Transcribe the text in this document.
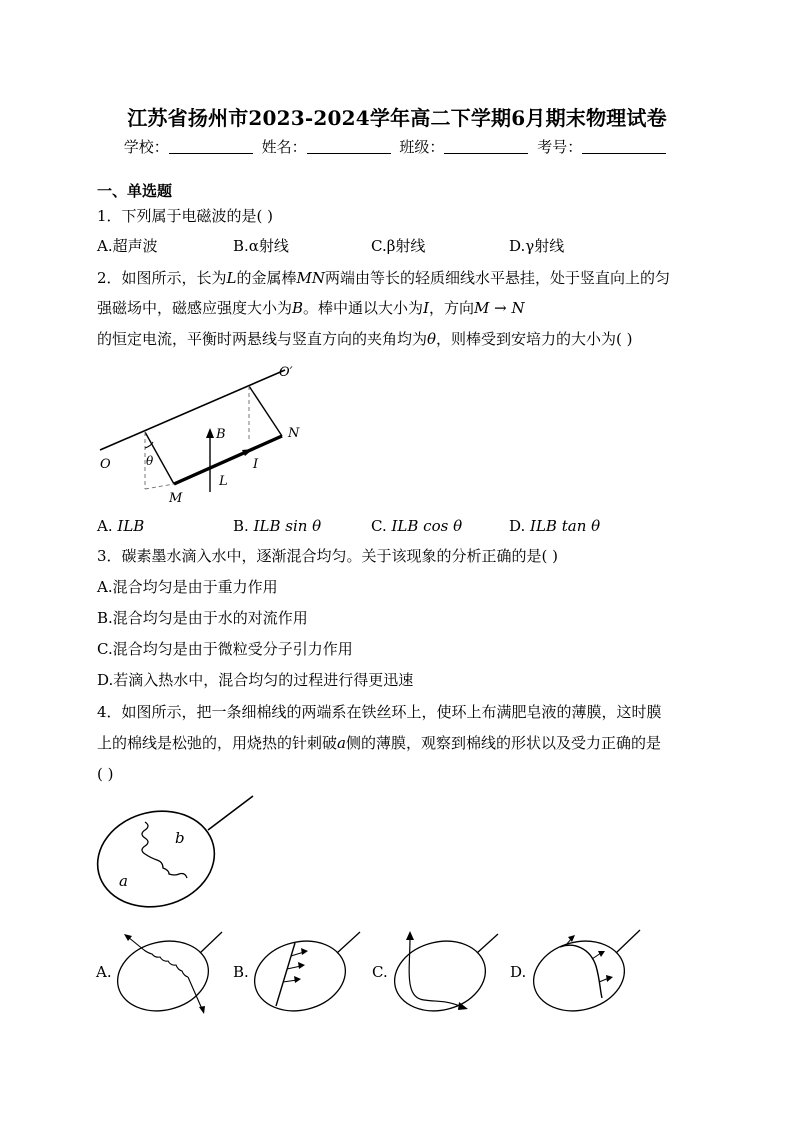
江苏省扬州市2023-2024学年高二下学期6月期末物理试卷
学校：	姓名：	班级：	考号：
一、单选题
1．下列属于电磁波的是( )
A.超声波	B.α射线	C.β射线	D.γ射线
2．如图所示，长为L的金属棒MN两端由等长的轻质细线水平悬挂，处于竖直向上的匀
强磁场中，磁感应强度大小为B。棒中通以大小为I，方向M → N
的恒定电流，平衡时两悬线与竖直方向的夹角均为θ，则棒受到安培力的大小为( )
O
O′
B	N
θ	I
L
M
A. ILB	B. ILB sin θ	C. ILB cos θ	D. ILB tan θ
3．碳素墨水滴入水中，逐渐混合均匀。关于该现象的分析正确的是( )
A.混合均匀是由于重力作用
B.混合均匀是由于水的对流作用
C.混合均匀是由于微粒受分子引力作用
D.若滴入热水中，混合均匀的过程进行得更迅速
4．如图所示，把一条细棉线的两端系在铁丝环上，使环上布满肥皂液的薄膜，这时膜
上的棉线是松弛的，用烧热的针刺破a侧的薄膜，观察到棉线的形状以及受力正确的是
( )
a
b
A.	B.	C.	D.
